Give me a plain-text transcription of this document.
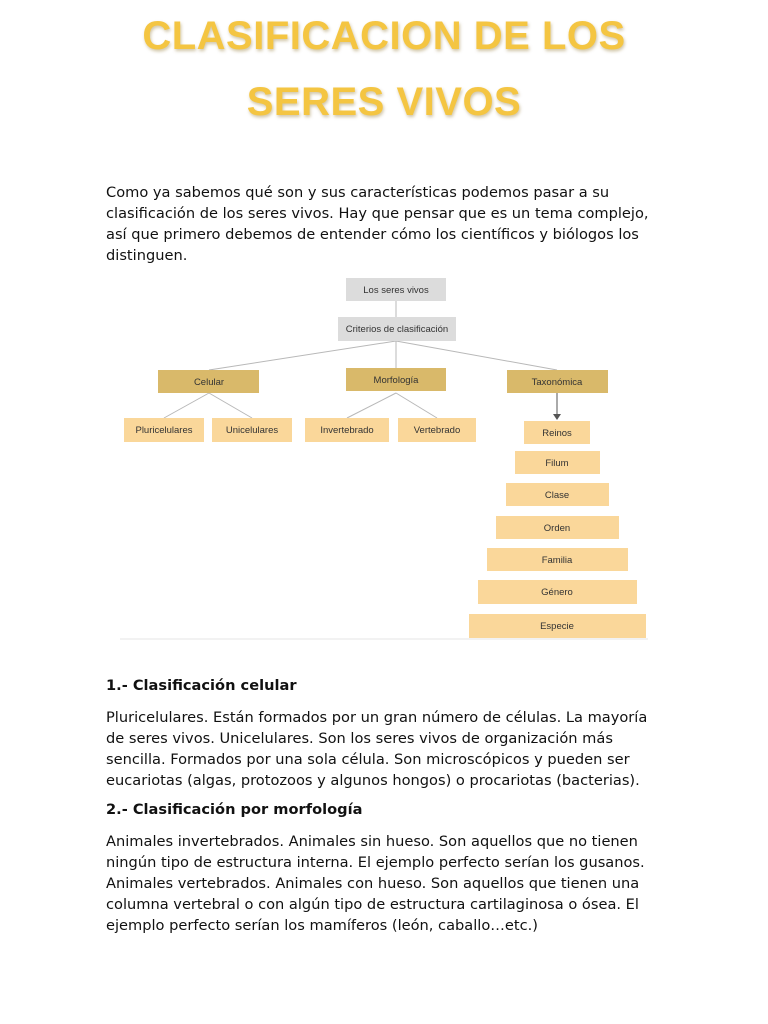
CLASIFICACION DE LOS
SERES VIVOS

Como ya sabemos qué son y sus características podemos pasar a su clasificación de los seres vivos. Hay que pensar que es un tema complejo, así que primero debemos de entender cómo los científicos y biólogos los distinguen.

Los seres vivos
Criterios de clasificación
Celular	Morfología	Taxonómica
Pluricelulares	Unicelulares	Invertebrado	Vertebrado	Reinos
Filum
Clase
Orden
Familia
Género
Especie
1.- Clasificación celular

Pluricelulares. Están formados por un gran número de células. La mayoría de seres vivos. Unicelulares. Son los seres vivos de organización más sencilla. Formados por una sola célula. Son microscópicos y pueden ser eucariotas (algas, protozoos y algunos hongos) o procariotas (bacterias).

2.- Clasificación por morfología

Animales invertebrados. Animales sin hueso. Son aquellos que no tienen ningún tipo de estructura interna. El ejemplo perfecto serían los gusanos. Animales vertebrados. Animales con hueso. Son aquellos que tienen una columna vertebral o con algún tipo de estructura cartilaginosa o ósea. El ejemplo perfecto serían los mamíferos (león, caballo…etc.)
